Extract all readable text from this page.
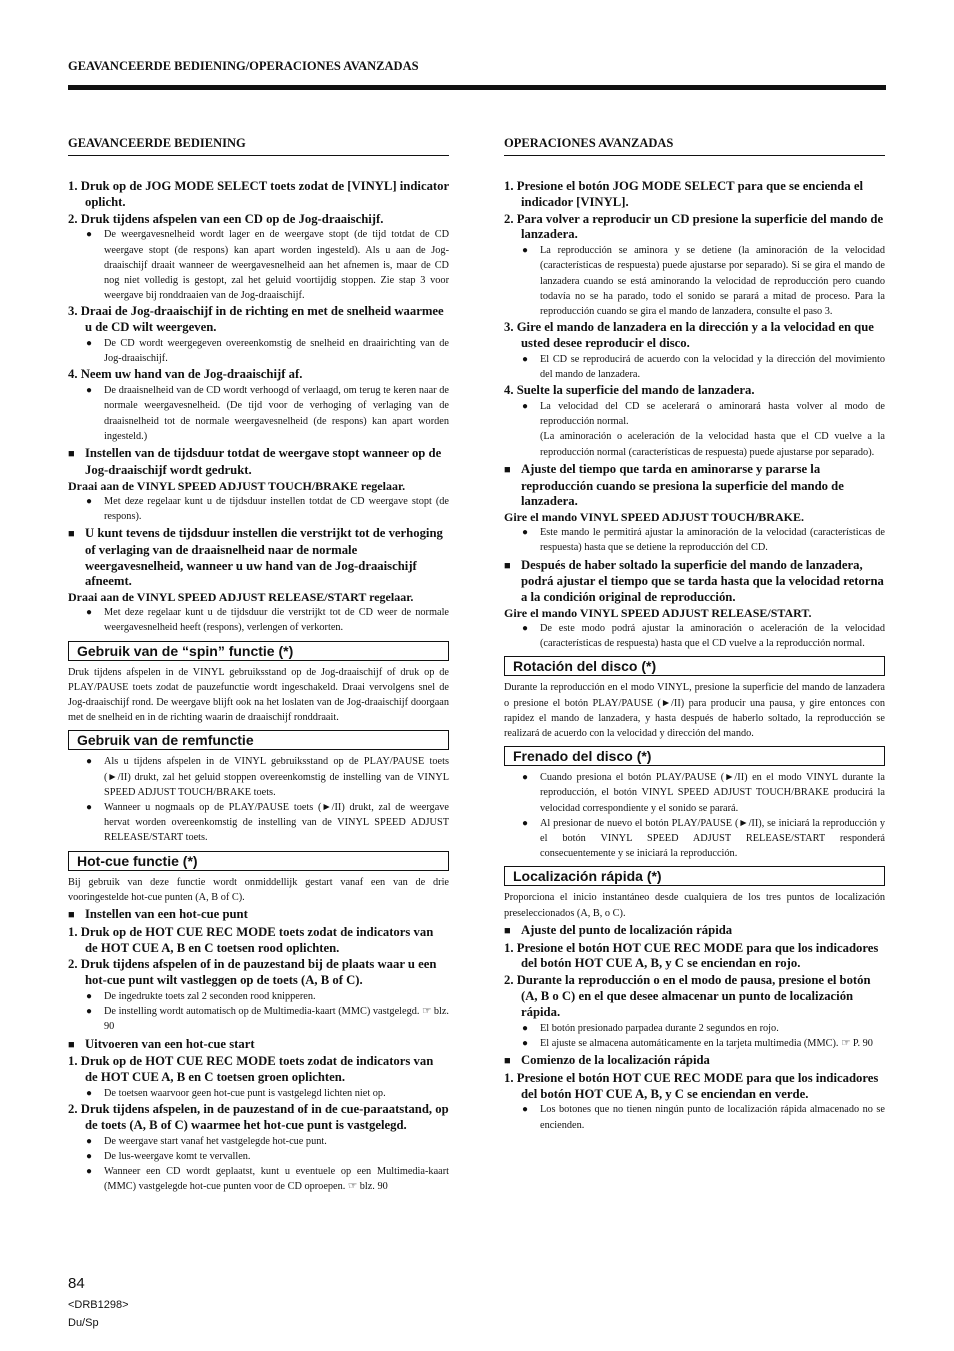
GEAVANCEERDE BEDIENING/OPERACIONES AVANZADAS
GEAVANCEERDE BEDIENING
1. Druk op de JOG MODE SELECT toets zodat de [VINYL] indicator oplicht.
2. Druk tijdens afspelen van een CD op de Jog-draaischijf.
● De weergavesnelheid wordt lager en de weergave stopt (de tijd totdat de CD weergave stopt (de respons) kan apart worden ingesteld). Als u aan de Jog-draaischijf draait wanneer de weergavesnelheid aan het afnemen is, maar de CD nog niet volledig is gestopt, zal het geluid voortijdig stoppen. Zie stap 3 voor weergave bij ronddraaien van de Jog-draaischijf.
3. Draai de Jog-draaischijf in de richting en met de snelheid waarmee u de CD wilt weergeven.
● De CD wordt weergegeven overeenkomstig de snelheid en draairichting van de Jog-draaischijf.
4. Neem uw hand van de Jog-draaischijf af.
● De draaisnelheid van de CD wordt verhoogd of verlaagd, om terug te keren naar de normale weergavesnelheid. (De tijd voor de verhoging of verlaging van de draaisnelheid tot de normale weergavesnelheid (de respons) kan apart worden ingesteld.)
■ Instellen van de tijdsduur totdat de weergave stopt wanneer op de Jog-draaischijf wordt gedrukt.
Draai aan de VINYL SPEED ADJUST TOUCH/BRAKE regelaar.
● Met deze regelaar kunt u de tijdsduur instellen totdat de CD weergave stopt (de respons).
■ U kunt tevens de tijdsduur instellen die verstrijkt tot de verhoging of verlaging van de draaisnelheid naar de normale weergavesnelheid, wanneer u uw hand van de Jog-draaischijf afneemt.
Draai aan de VINYL SPEED ADJUST RELEASE/START regelaar.
● Met deze regelaar kunt u de tijdsduur die verstrijkt tot de CD weer de normale weergavesnelheid heeft (respons), verlengen of verkorten.
Gebruik van de “spin” functie (*)
Druk tijdens afspelen in de VINYL gebruiksstand op de Jog-draaischijf of druk op de PLAY/PAUSE toets zodat de pauzefunctie wordt ingeschakeld. Draai vervolgens snel de Jog-draaischijf rond. De weergave blijft ook na het loslaten van de Jog-draaischijf doorgaan met de snelheid en in de richting waarin de draaischijf ronddraait.
Gebruik van de remfunctie
● Als u tijdens afspelen in de VINYL gebruiksstand op de PLAY/PAUSE toets (►/II) drukt, zal het geluid stoppen overeenkomstig de instelling van de VINYL SPEED ADJUST TOUCH/BRAKE toets.
● Wanneer u nogmaals op de PLAY/PAUSE toets (►/II) drukt, zal de weergave hervat worden overeenkomstig de instelling van de VINYL SPEED ADJUST RELEASE/START toets.
Hot-cue functie (*)
Bij gebruik van deze functie wordt onmiddellijk gestart vanaf een van de drie vooringestelde hot-cue punten (A, B of C).
■ Instellen van een hot-cue punt
1. Druk op de HOT CUE REC MODE toets zodat de indicators van de HOT CUE A, B en C toetsen rood oplichten.
2. Druk tijdens afspelen of in de pauzestand bij de plaats waar u een hot-cue punt wilt vastleggen op de toets (A, B of C).
● De ingedrukte toets zal 2 seconden rood knipperen.
● De instelling wordt automatisch op de Multimedia-kaart (MMC) vastgelegd. ☞ blz. 90
■ Uitvoeren van een hot-cue start
1. Druk op de HOT CUE REC MODE toets zodat de indicators van de HOT CUE A, B en C toetsen groen oplichten.
● De toetsen waarvoor geen hot-cue punt is vastgelegd lichten niet op.
2. Druk tijdens afspelen, in de pauzestand of in de cue-paraatstand, op de toets (A, B of C) waarmee het hot-cue punt is vastgelegd.
● De weergave start vanaf het vastgelegde hot-cue punt.
● De lus-weergave komt te vervallen.
● Wanneer een CD wordt geplaatst, kunt u eventuele op een Multimedia-kaart (MMC) vastgelegde hot-cue punten voor de CD oproepen. ☞ blz. 90
OPERACIONES AVANZADAS
1. Presione el botón JOG MODE SELECT para que se encienda el indicador [VINYL].
2. Para volver a reproducir un CD presione la superficie del mando de lanzadera.
● La reproducción se aminora y se detiene (la aminoración de la velocidad (características de respuesta) puede ajustarse por separado). Si se gira el mando de lanzadera cuando se está aminorando la velocidad de reproducción pero cuando todavía no se ha parado, todo el sonido se parará a mitad de proceso. Para la reproducción cuando se gira el mando de lanzadera, consulte el paso 3.
3. Gire el mando de lanzadera en la dirección y a la velocidad en que usted desee reproducir el disco.
● El CD se reproducirá de acuerdo con la velocidad y la dirección del movimiento del mando de lanzadera.
4. Suelte la superficie del mando de lanzadera.
● La velocidad del CD se acelerará o aminorará hasta volver al modo de reproducción normal.
(La aminoración o aceleración de la velocidad hasta que el CD vuelve a la reproducción normal (características de respuesta) puede ajustarse por separado).
■ Ajuste del tiempo que tarda en aminorarse y pararse la reproducción cuando se presiona la superficie del mando de lanzadera.
Gire el mando VINYL SPEED ADJUST TOUCH/BRAKE.
● Este mando le permitirá ajustar la aminoración de la velocidad (características de respuesta) hasta que se detiene la reproducción del CD.
■ Después de haber soltado la superficie del mando de lanzadera, podrá ajustar el tiempo que se tarda hasta que la velocidad retorna a la condición original de reproducción.
Gire el mando VINYL SPEED ADJUST RELEASE/START.
● De este modo podrá ajustar la aminoración o aceleración de la velocidad (características de respuesta) hasta que el CD vuelve a la reproducción normal.
Rotación del disco (*)
Durante la reproducción en el modo VINYL, presione la superficie del mando de lanzadera o presione el botón PLAY/PAUSE (►/II) para producir una pausa, y gire entonces con rapidez el mando de lanzadera, y hasta después de haberlo soltado, la reproducción se realizará de acuerdo con la velocidad y dirección del mando.
Frenado del disco (*)
● Cuando presiona el botón PLAY/PAUSE (►/II) en el modo VINYL durante la reproducción, el botón VINYL SPEED ADJUST TOUCH/BRAKE producirá la velocidad correspondiente y el sonido se parará.
● Al presionar de nuevo el botón PLAY/PAUSE (►/II), se iniciará la reproducción y el botón VINYL SPEED ADJUST RELEASE/START responderá consecuentemente y se iniciará la reproducción.
Localización rápida (*)
Proporciona el inicio instantáneo desde cualquiera de los tres puntos de localización preseleccionados (A, B, o C).
■ Ajuste del punto de localización rápida
1. Presione el botón HOT CUE REC MODE para que los indicadores del botón HOT CUE A, B, y C se enciendan en rojo.
2. Durante la reproducción o en el modo de pausa, presione el botón (A, B o C) en el que desee almacenar un punto de localización rápida.
● El botón presionado parpadea durante 2 segundos en rojo.
● El ajuste se almacena automáticamente en la tarjeta multimedia (MMC). ☞ P. 90
■ Comienzo de la localización rápida
1. Presione el botón HOT CUE REC MODE para que los indicadores del botón HOT CUE A, B, y C se enciendan en verde.
● Los botones que no tienen ningún punto de localización rápida almacenado no se encienden.
84
<DRB1298>
Du/Sp
